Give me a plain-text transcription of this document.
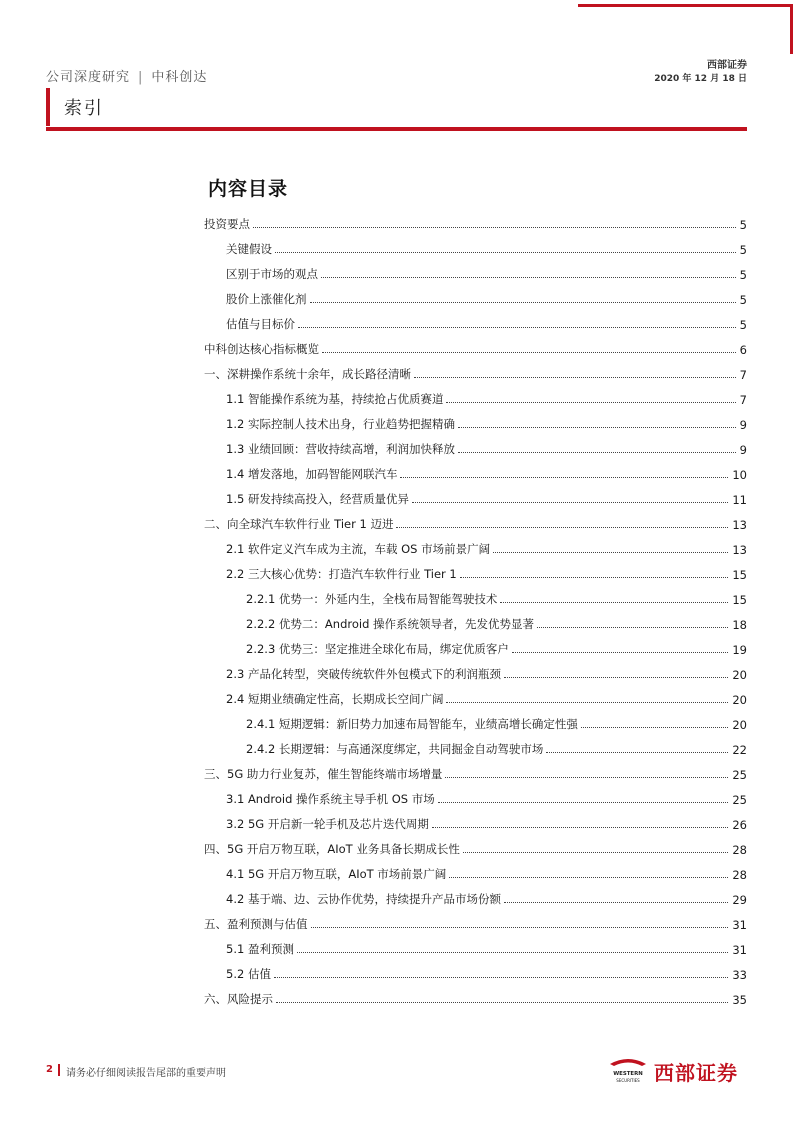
公司深度研究 | 中科创达
西部证券
2020 年 12 月 18 日
索引
内容目录
投资要点	5
关键假设	5
区别于市场的观点	5
股价上涨催化剂	5
估值与目标价	5
中科创达核心指标概览	6
一、深耕操作系统十余年，成长路径清晰	7
1.1 智能操作系统为基，持续抢占优质赛道	7
1.2 实际控制人技术出身，行业趋势把握精确	9
1.3 业绩回顾：营收持续高增，利润加快释放	9
1.4 增发落地，加码智能网联汽车	10
1.5 研发持续高投入，经营质量优异	11
二、向全球汽车软件行业 Tier 1 迈进	13
2.1 软件定义汽车成为主流，车载 OS 市场前景广阔	13
2.2 三大核心优势：打造汽车软件行业 Tier 1	15
2.2.1 优势一：外延内生，全栈布局智能驾驶技术	15
2.2.2 优势二：Android 操作系统领导者，先发优势显著	18
2.2.3 优势三：坚定推进全球化布局，绑定优质客户	19
2.3 产品化转型，突破传统软件外包模式下的利润瓶颈	20
2.4 短期业绩确定性高，长期成长空间广阔	20
2.4.1 短期逻辑：新旧势力加速布局智能车，业绩高增长确定性强	20
2.4.2 长期逻辑：与高通深度绑定，共同掘金自动驾驶市场	22
三、5G 助力行业复苏，催生智能终端市场增量	25
3.1 Android 操作系统主导手机 OS 市场	25
3.2 5G 开启新一轮手机及芯片迭代周期	26
四、5G 开启万物互联，AIoT 业务具备长期成长性	28
4.1 5G 开启万物互联，AIoT 市场前景广阔	28
4.2 基于端、边、云协作优势，持续提升产品市场份额	29
五、盈利预测与估值	31
5.1 盈利预测	31
5.2 估值	33
六、风险提示	35
2 请务必仔细阅读报告尾部的重要声明	WESTERN
SECURITIES 西部证券
